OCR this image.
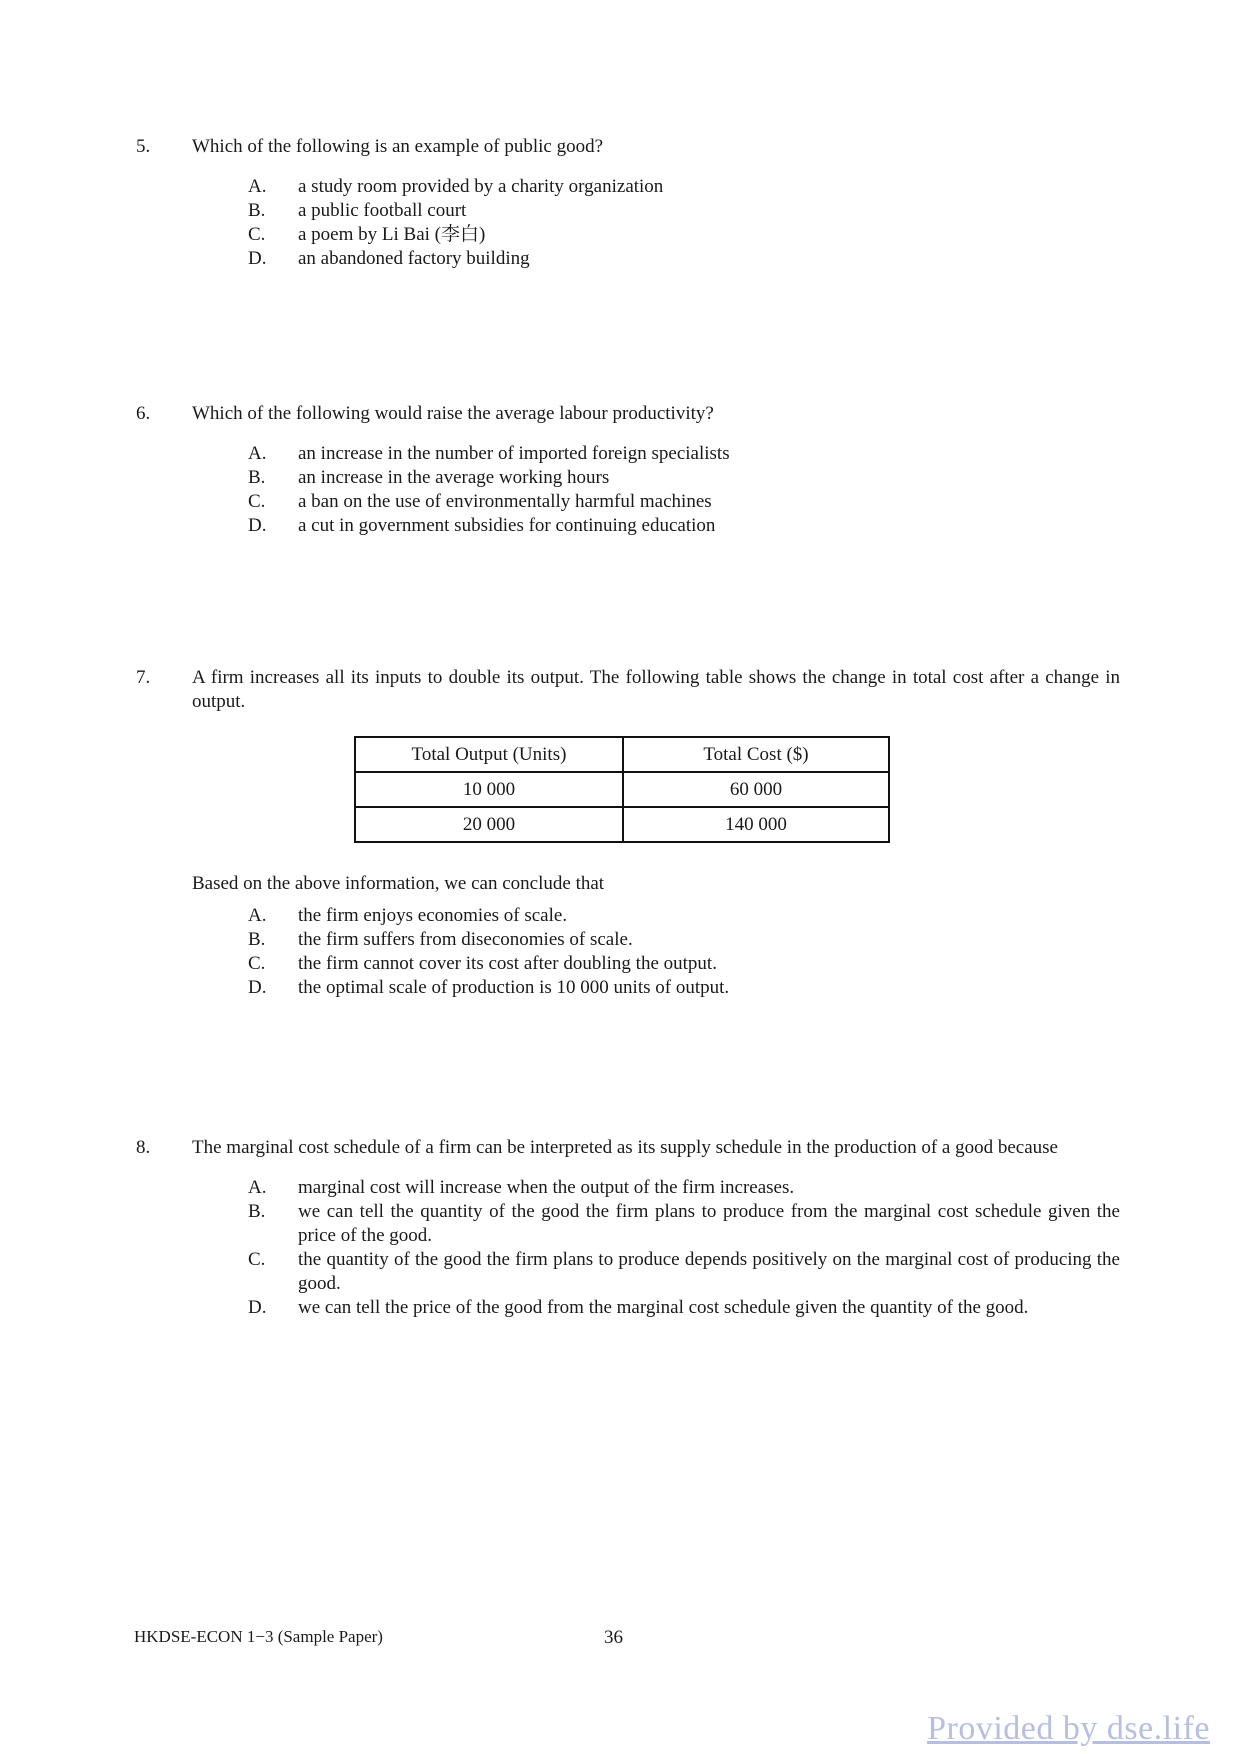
5.	Which of the following is an example of public good?
A.	a study room provided by a charity organization
B.	a public football court
C.	a poem by Li Bai (李白)
D.	an abandoned factory building
6.	Which of the following would raise the average labour productivity?
A.	an increase in the number of imported foreign specialists
B.	an increase in the average working hours
C.	a ban on the use of environmentally harmful machines
D.	a cut in government subsidies for continuing education
7.	A firm increases all its inputs to double its output. The following table shows the change in total cost after a change in output.
Total Output (Units)	Total Cost ($)
10 000	60 000
20 000	140 000
Based on the above information, we can conclude that
A.	the firm enjoys economies of scale.
B.	the firm suffers from diseconomies of scale.
C.	the firm cannot cover its cost after doubling the output.
D.	the optimal scale of production is 10 000 units of output.
8.	The marginal cost schedule of a firm can be interpreted as its supply schedule in the production of a good because
A.	marginal cost will increase when the output of the firm increases.
B.	we can tell the quantity of the good the firm plans to produce from the marginal cost schedule given the price of the good.
C.	the quantity of the good the firm plans to produce depends positively on the marginal cost of producing the good.
D.	we can tell the price of the good from the marginal cost schedule given the quantity of the good.
HKDSE-ECON 1−3 (Sample Paper)	36
Provided by dse.life
